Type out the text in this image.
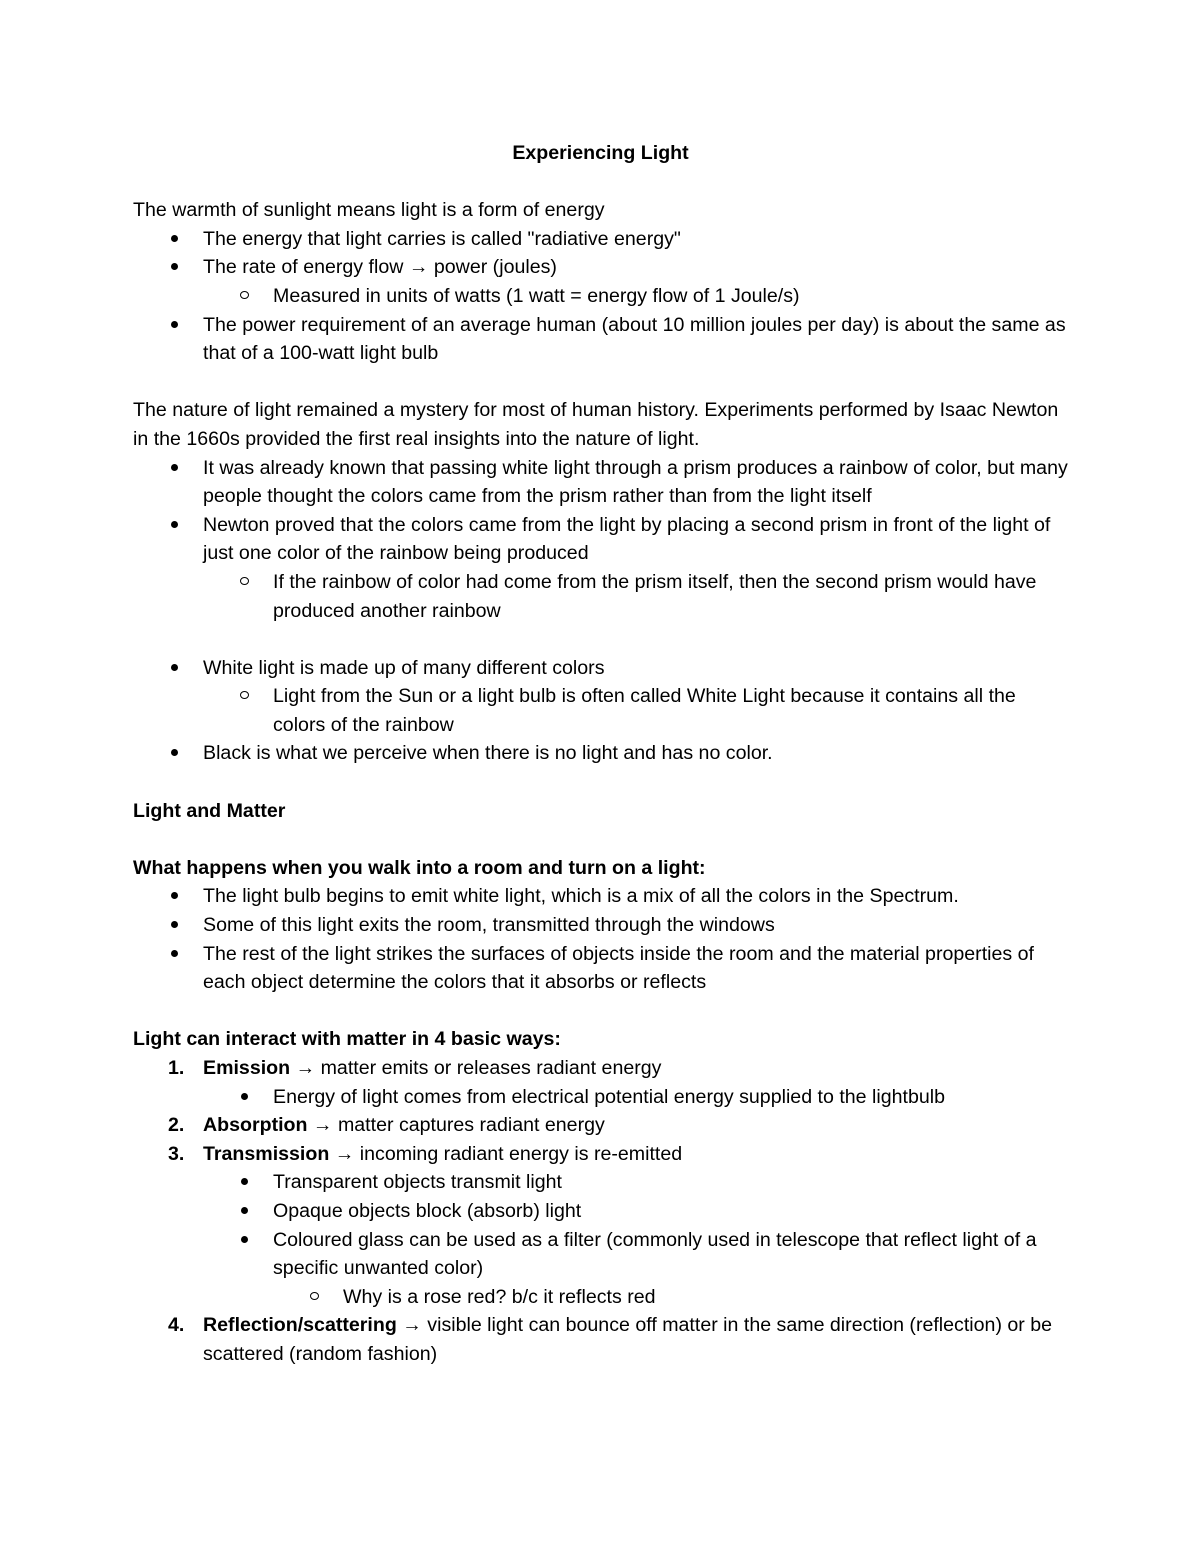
Experiencing Light

The warmth of sunlight means light is a form of energy

The energy that light carries is called "radiative energy"
The rate of energy flow → power (joules)
Measured in units of watts (1 watt = energy flow of 1 Joule/s)
The power requirement of an average human (about 10 million joules per day) is about the same as that of a 100-watt light bulb

The nature of light remained a mystery for most of human history. Experiments performed by Isaac Newton in the 1660s provided the first real insights into the nature of light.

It was already known that passing white light through a prism produces a rainbow of color, but many people thought the colors came from the prism rather than from the light itself
Newton proved that the colors came from the light by placing a second prism in front of the light of just one color of the rainbow being produced
If the rainbow of color had come from the prism itself, then the second prism would have produced another rainbow
White light is made up of many different colors
Light from the Sun or a light bulb is often called White Light because it contains all the colors of the rainbow
Black is what we perceive when there is no light and has no color.

Light and Matter

What happens when you walk into a room and turn on a light:

The light bulb begins to emit white light, which is a mix of all the colors in the Spectrum.
Some of this light exits the room, transmitted through the windows
The rest of the light strikes the surfaces of objects inside the room and the material properties of each object determine the colors that it absorbs or reflects

Light can interact with matter in 4 basic ways:

1. Emission → matter emits or releases radiant energy
Energy of light comes from electrical potential energy supplied to the lightbulb
2. Absorption → matter captures radiant energy
3. Transmission → incoming radiant energy is re-emitted
Transparent objects transmit light
Opaque objects block (absorb) light
Coloured glass can be used as a filter (commonly used in telescope that reflect light of a specific unwanted color)
Why is a rose red? b/c it reflects red
4. Reflection/scattering → visible light can bounce off matter in the same direction (reflection) or be scattered (random fashion)
